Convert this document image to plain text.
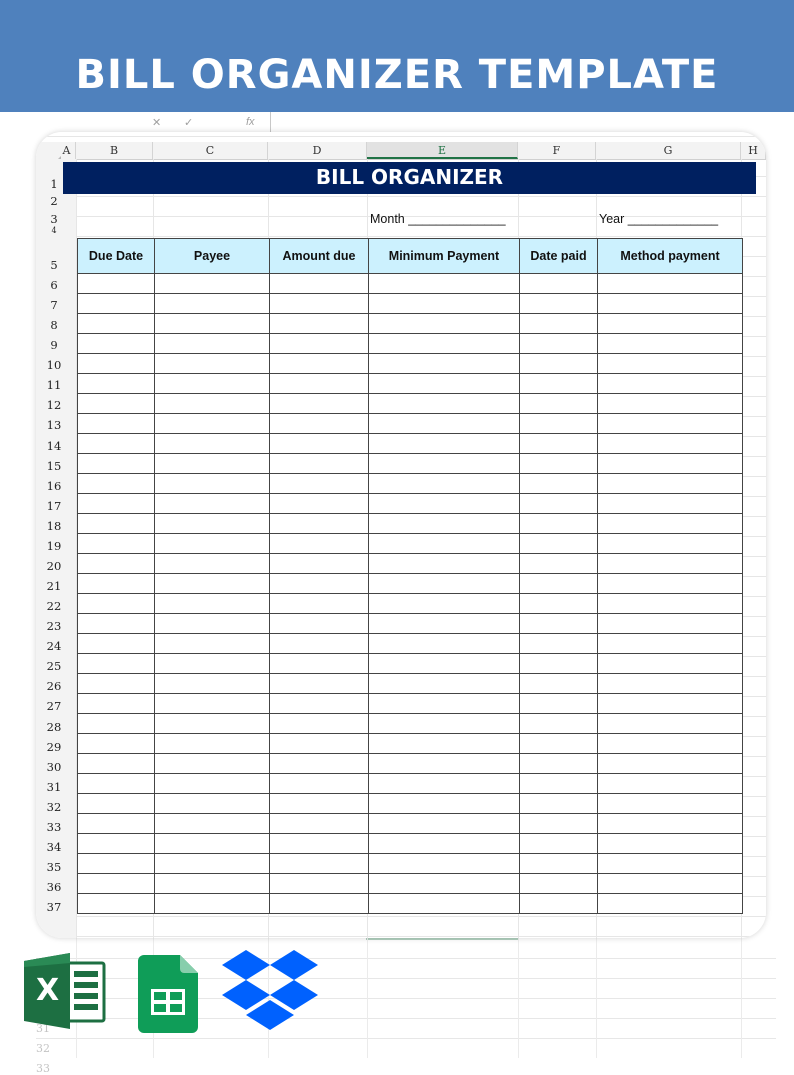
BILL ORGANIZER TEMPLATE
✕ ✓	fx
A	B	C	D	E	F	G	H
1
2
3
4
5
6
7
8
9
10
11
12
13
14
15
16
17
18
19
20
21
22
23
24
25
26
27
28
29
30
31
32
33
34
35
36
37
BILL ORGANIZER
Month ______________	Year _____________
Due Date	Payee	Amount due	Minimum Payment	Date paid	Method payment

31
32
33
X
